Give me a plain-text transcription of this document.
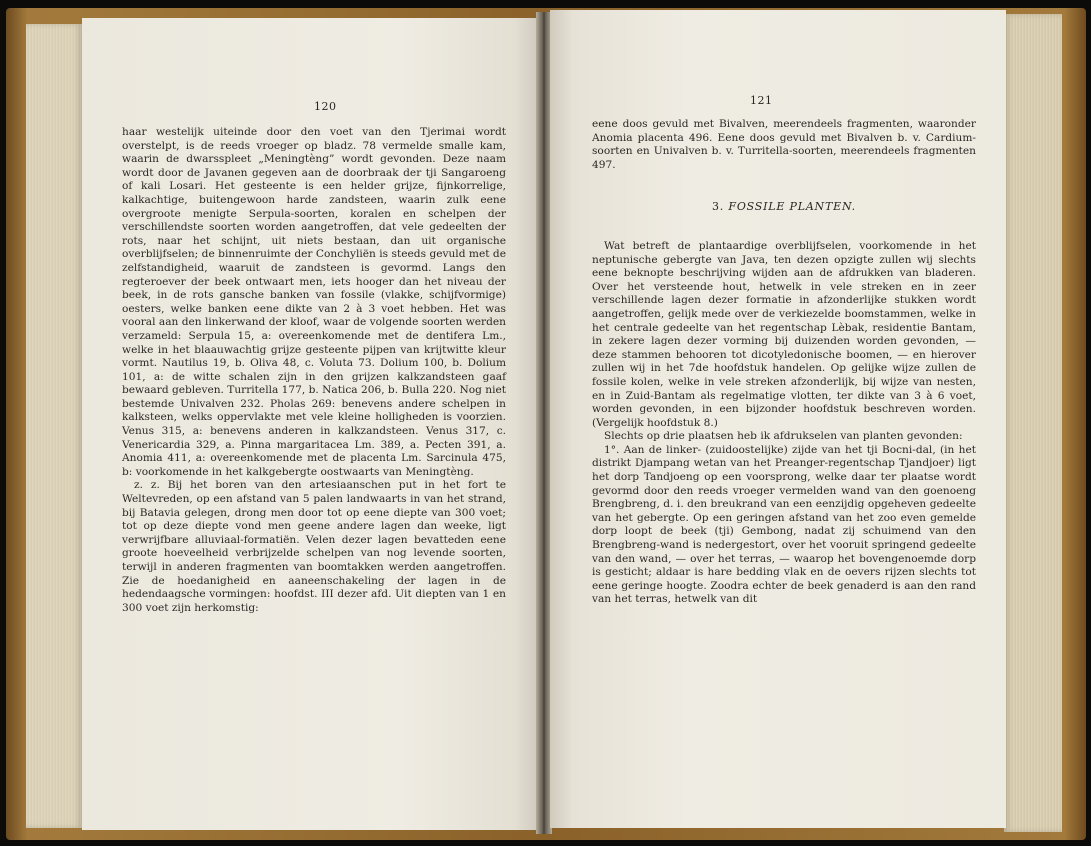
120

haar westelijk uiteinde door den voet van den Tjerimai wordt overstelpt, is de reeds vroeger op bladz. 78 vermelde smalle kam, waarin de dwarsspleet „Meningtèng” wordt gevonden. Deze naam wordt door de Javanen gegeven aan de doorbraak der tji Sangaroeng of kali Losari. Het gesteente is een helder grijze, fijnkorrelige, kalkachtige, buitengewoon harde zandsteen, waarin zulk eene overgroote menigte Serpula-soorten, koralen en schelpen der verschillendste soorten worden aangetroffen, dat vele gedeelten der rots, naar het schijnt, uit niets bestaan, dan uit organische overblijfselen; de binnenruimte der Conchyliën is steeds gevuld met de zelfstandigheid, waaruit de zandsteen is gevormd. Langs den regteroever der beek ontwaart men, iets hooger dan het niveau der beek, in de rots gansche banken van fossile (vlakke, schijfvormige) oesters, welke banken eene dikte van 2 à 3 voet hebben. Het was vooral aan den linkerwand der kloof, waar de volgende soorten werden verzameld: Serpula 15, a: overeenkomende met de dentifera Lm., welke in het blaauwachtig grijze gesteente pijpen van krijtwitte kleur vormt. Nautilus 19, b. Oliva 48, c. Voluta 73. Dolium 100, b. Dolium 101, a: de witte schalen zijn in den grijzen kalkzandsteen gaaf bewaard gebleven. Turritella 177, b. Natica 206, b. Bulla 220. Nog niet bestemde Univalven 232. Pholas 269: benevens andere schelpen in kalksteen, welks oppervlakte met vele kleine holligheden is voorzien. Venus 315, a: benevens anderen in kalkzandsteen. Venus 317, c. Venericardia 329, a. Pinna margaritacea Lm. 389, a. Pecten 391, a. Anomia 411, a: overeenkomende met de placenta Lm. Sarcinula 475, b: voorkomende in het kalkgebergte oostwaarts van Meningtèng.

z. z. Bij het boren van den artesiaanschen put in het fort te Weltevreden, op een afstand van 5 palen landwaarts in van het strand, bij Batavia gelegen, drong men door tot op eene diepte van 300 voet; tot op deze diepte vond men geene andere lagen dan weeke, ligt verwrijfbare alluviaal-formatiën. Velen dezer lagen bevatteden eene groote hoeveelheid verbrijzelde schelpen van nog levende soorten, terwijl in anderen fragmenten van boomtakken werden aangetroffen. Zie de hoedanigheid en aaneenschakeling der lagen in de hedendaagsche vormingen: hoofdst. III dezer afd. Uit diepten van 1 en 300 voet zijn herkomstig:

121

eene doos gevuld met Bivalven, meerendeels fragmenten, waaronder Anomia placenta 496. Eene doos gevuld met Bivalven b. v. Cardium-soorten en Univalven b. v. Turritella-soorten, meerendeels fragmenten 497.

3. FOSSILE PLANTEN.

Wat betreft de plantaardige overblijfselen, voorkomende in het neptunische gebergte van Java, ten dezen opzigte zullen wij slechts eene beknopte beschrijving wijden aan de afdrukken van bladeren. Over het versteende hout, hetwelk in vele streken en in zeer verschillende lagen dezer formatie in afzonderlijke stukken wordt aangetroffen, gelijk mede over de verkiezelde boomstammen, welke in het centrale gedeelte van het regentschap Lèbak, residentie Bantam, in zekere lagen dezer vorming bij duizenden worden gevonden, — deze stammen behooren tot dicotyledonische boomen, — en hierover zullen wij in het 7de hoofdstuk handelen. Op gelijke wijze zullen de fossile kolen, welke in vele streken afzonderlijk, bij wijze van nesten, en in Zuid-Bantam als regelmatige vlotten, ter dikte van 3 à 6 voet, worden gevonden, in een bijzonder hoofdstuk beschreven worden. (Vergelijk hoofdstuk 8.)

Slechts op drie plaatsen heb ik afdrukselen van planten gevonden:

1°. Aan de linker- (zuidoostelijke) zijde van het tji Bocni-dal, (in het distrikt Djampang wetan van het Preanger-regentschap Tjandjoer) ligt het dorp Tandjoeng op een voorsprong, welke daar ter plaatse wordt gevormd door den reeds vroeger vermelden wand van den goenoeng Brengbreng, d. i. den breukrand van een eenzijdig opgeheven gedeelte van het gebergte. Op een geringen afstand van het zoo even gemelde dorp loopt de beek (tji) Gembong, nadat zij schuimend van den Brengbreng-wand is nedergestort, over het vooruit springend gedeelte van den wand, — over het terras, — waarop het bovengenoemde dorp is gesticht; aldaar is hare bedding vlak en de oevers rijzen slechts tot eene geringe hoogte. Zoodra echter de beek genaderd is aan den rand van het terras, hetwelk van dit
